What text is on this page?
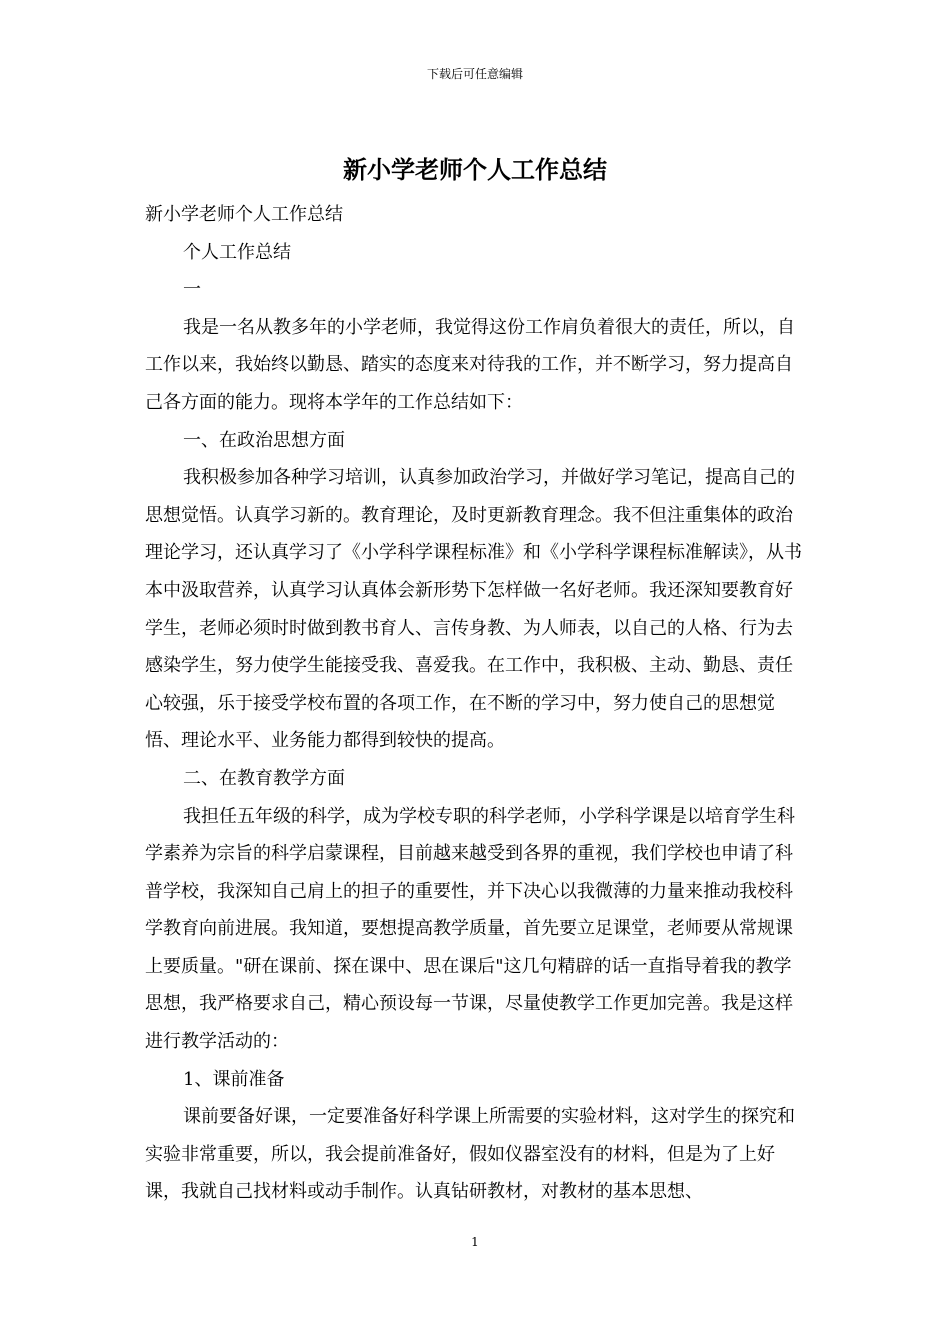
下载后可任意编辑
新小学老师个人工作总结

新小学老师个人工作总结

个人工作总结

一

我是一名从教多年的小学老师，我觉得这份工作肩负着很大的责任，所以，自工作以来，我始终以勤恳、踏实的态度来对待我的工作，并不断学习，努力提高自己各方面的能力。现将本学年的工作总结如下：

一、在政治思想方面

我积极参加各种学习培训，认真参加政治学习，并做好学习笔记，提高自己的思想觉悟。认真学习新的。教育理论，及时更新教育理念。我不但注重集体的政治理论学习，还认真学习了《小学科学课程标准》和《小学科学课程标准解读》，从书本中汲取营养，认真学习认真体会新形势下怎样做一名好老师。我还深知要教育好学生，老师必须时时做到教书育人、言传身教、为人师表，以自己的人格、行为去感染学生，努力使学生能接受我、喜爱我。在工作中，我积极、主动、勤恳、责任心较强，乐于接受学校布置的各项工作，在不断的学习中，努力使自己的思想觉悟、理论水平、业务能力都得到较快的提高。

二、在教育教学方面

我担任五年级的科学，成为学校专职的科学老师，小学科学课是以培育学生科学素养为宗旨的科学启蒙课程，目前越来越受到各界的重视，我们学校也申请了科普学校，我深知自己肩上的担子的重要性，并下决心以我微薄的力量来推动我校科学教育向前进展。我知道，要想提高教学质量，首先要立足课堂，老师要从常规课上要质量。"研在课前、探在课中、思在课后"这几句精辟的话一直指导着我的教学思想，我严格要求自己，精心预设每一节课，尽量使教学工作更加完善。我是这样进行教学活动的：

1、课前准备

课前要备好课，一定要准备好科学课上所需要的实验材料，这对学生的探究和实验非常重要，所以，我会提前准备好，假如仪器室没有的材料，但是为了上好课，我就自己找材料或动手制作。认真钻研教材，对教材的基本思想、

1
